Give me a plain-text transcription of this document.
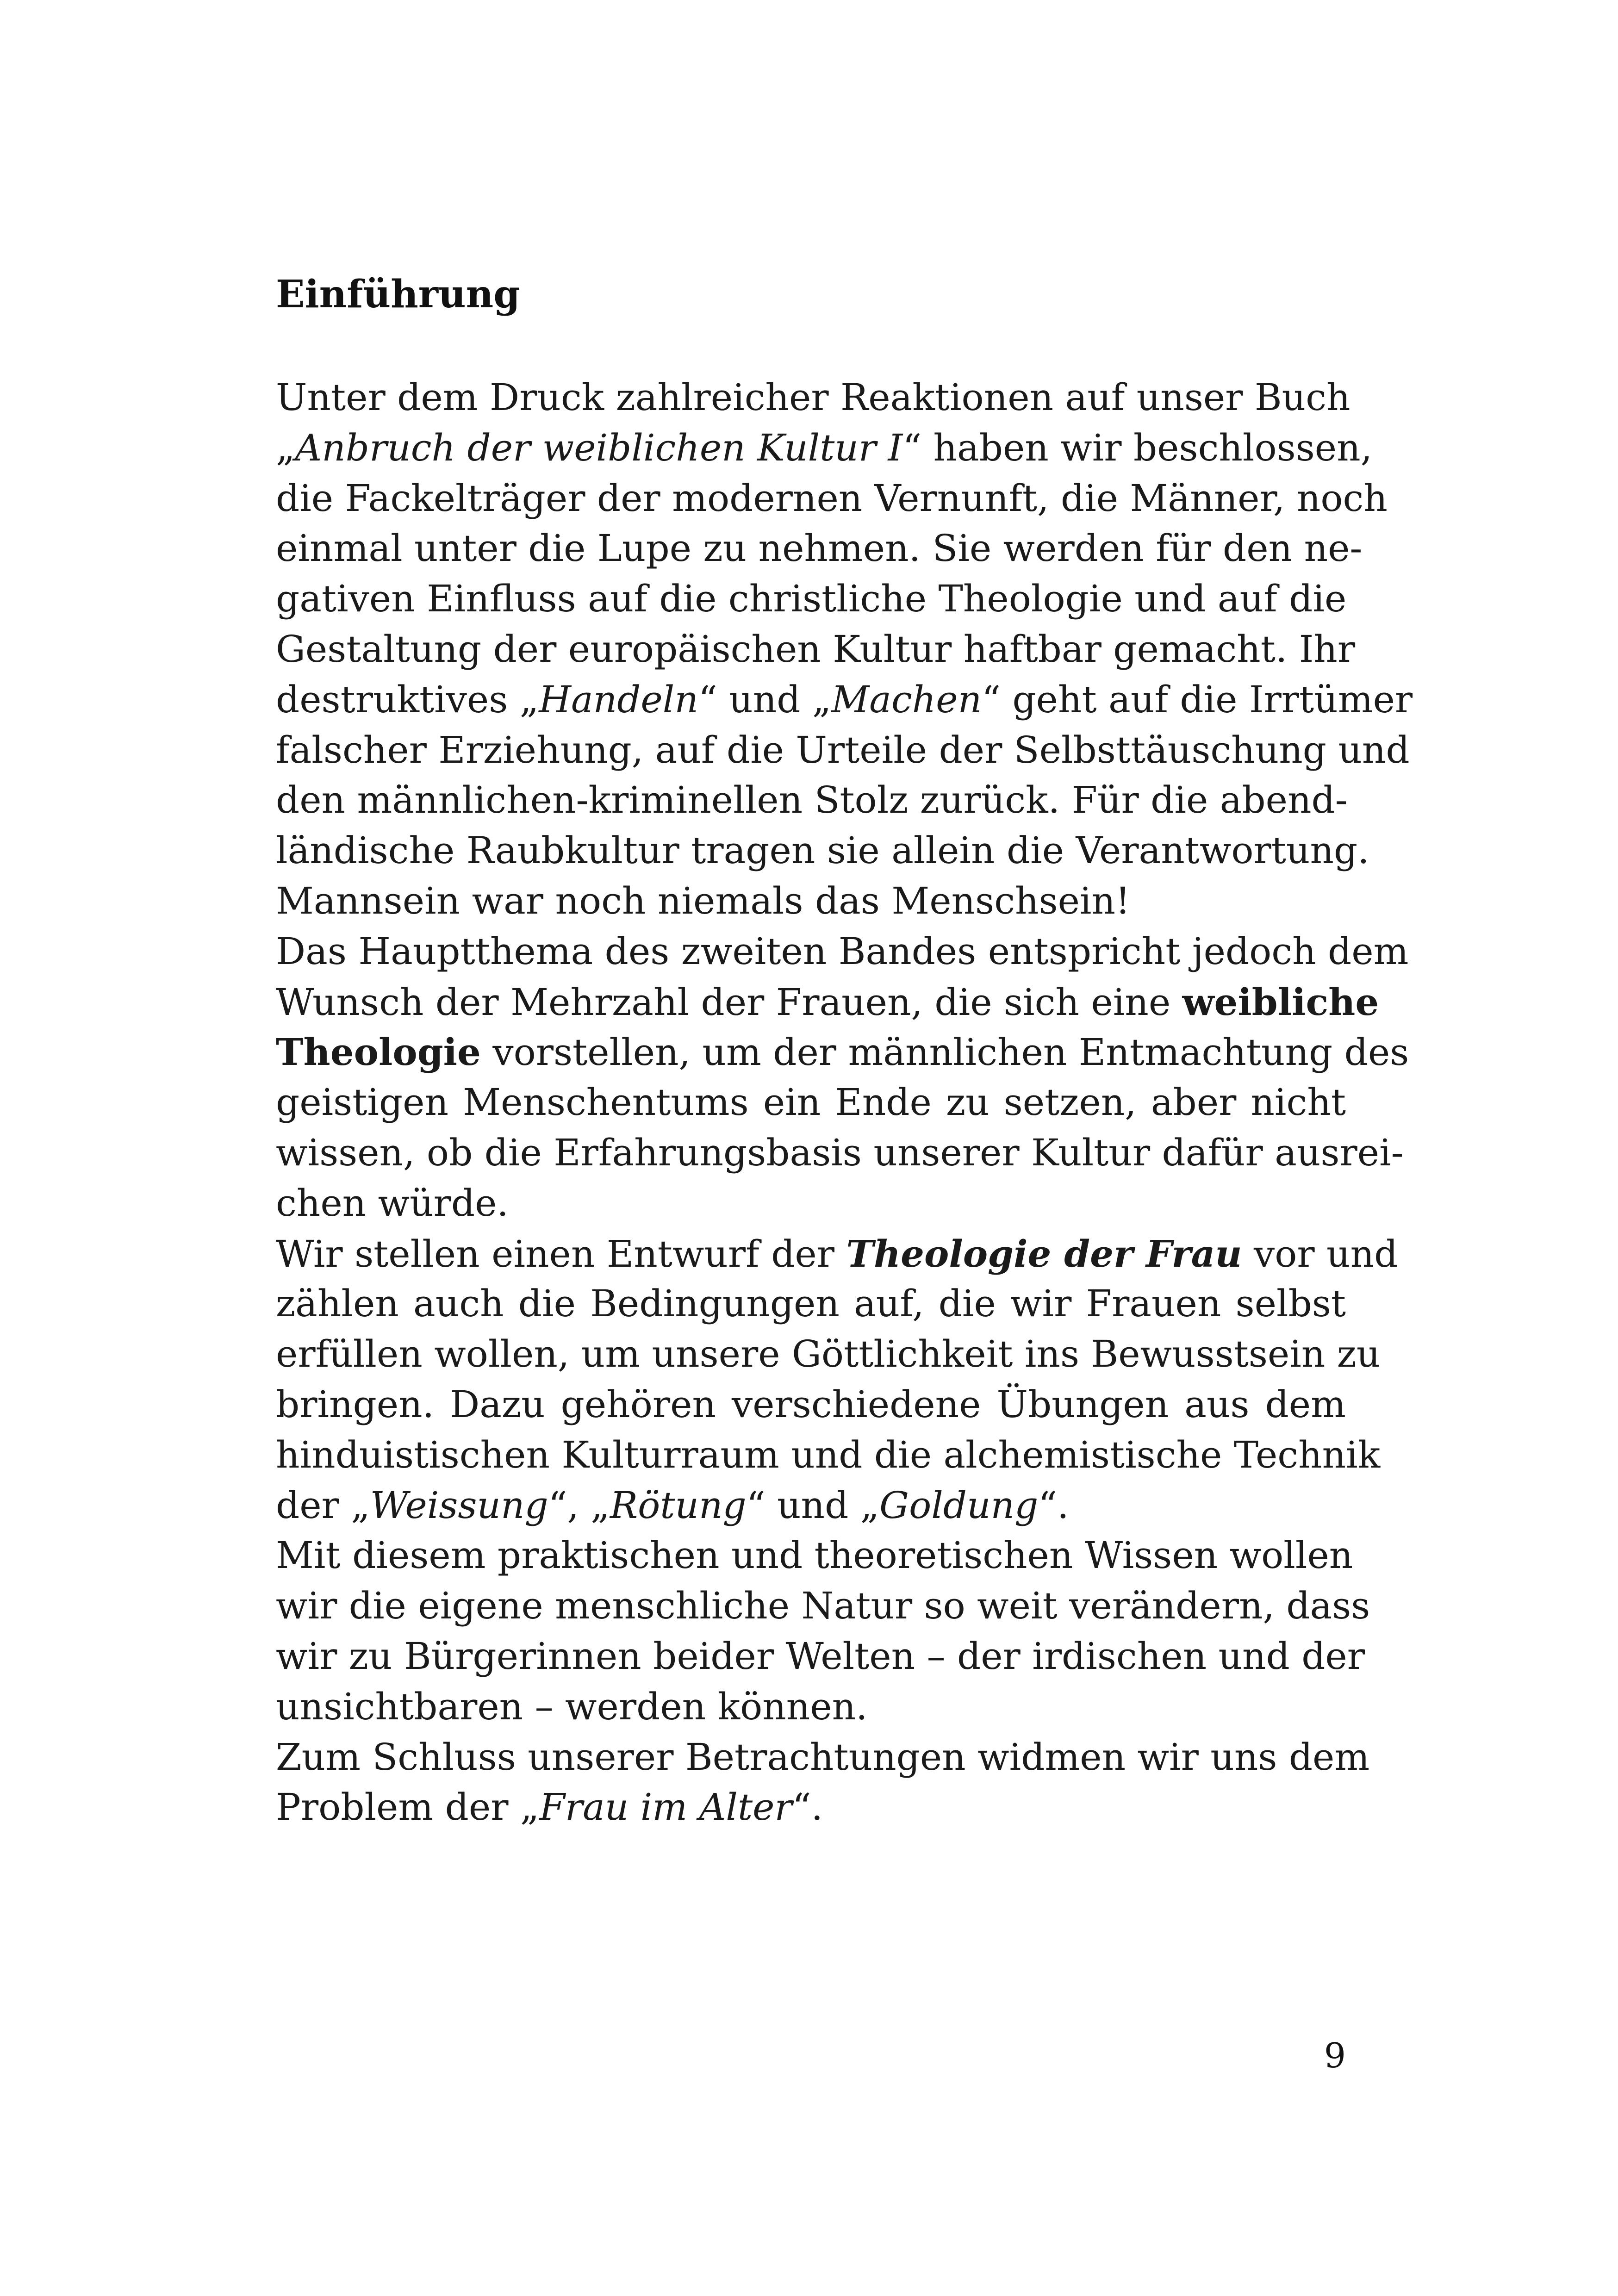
Einführung
Unter dem Druck zahlreicher Reaktionen auf unser Buch
„Anbruch der weiblichen Kultur I“ haben wir beschlossen,
die Fackelträger der modernen Vernunft, die Männer, noch
einmal unter die Lupe zu nehmen. Sie werden für den ne-
gativen Einfluss auf die christliche Theologie und auf die
Gestaltung der europäischen Kultur haftbar gemacht. Ihr
destruktives „Handeln“ und „Machen“ geht auf die Irrtümer
falscher Erziehung, auf die Urteile der Selbsttäuschung und
den männlichen-kriminellen Stolz zurück. Für die abend-
ländische Raubkultur tragen sie allein die Verantwortung.
Mannsein war noch niemals das Menschsein!
Das Hauptthema des zweiten Bandes entspricht jedoch dem
Wunsch der Mehrzahl der Frauen, die sich eine weibliche
Theologie vorstellen, um der männlichen Entmachtung des
geistigen Menschentums ein Ende zu setzen, aber nicht
wissen, ob die Erfahrungsbasis unserer Kultur dafür ausrei-
chen würde.
Wir stellen einen Entwurf der Theologie der Frau vor und
zählen auch die Bedingungen auf, die wir Frauen selbst
erfüllen wollen, um unsere Göttlichkeit ins Bewusstsein zu
bringen. Dazu gehören verschiedene Übungen aus dem
hinduistischen Kulturraum und die alchemistische Technik
der „Weissung“, „Rötung“ und „Goldung“.
Mit diesem praktischen und theoretischen Wissen wollen
wir die eigene menschliche Natur so weit verändern, dass
wir zu Bürgerinnen beider Welten – der irdischen und der
unsichtbaren – werden können.
Zum Schluss unserer Betrachtungen widmen wir uns dem
Problem der „Frau im Alter“.
9
